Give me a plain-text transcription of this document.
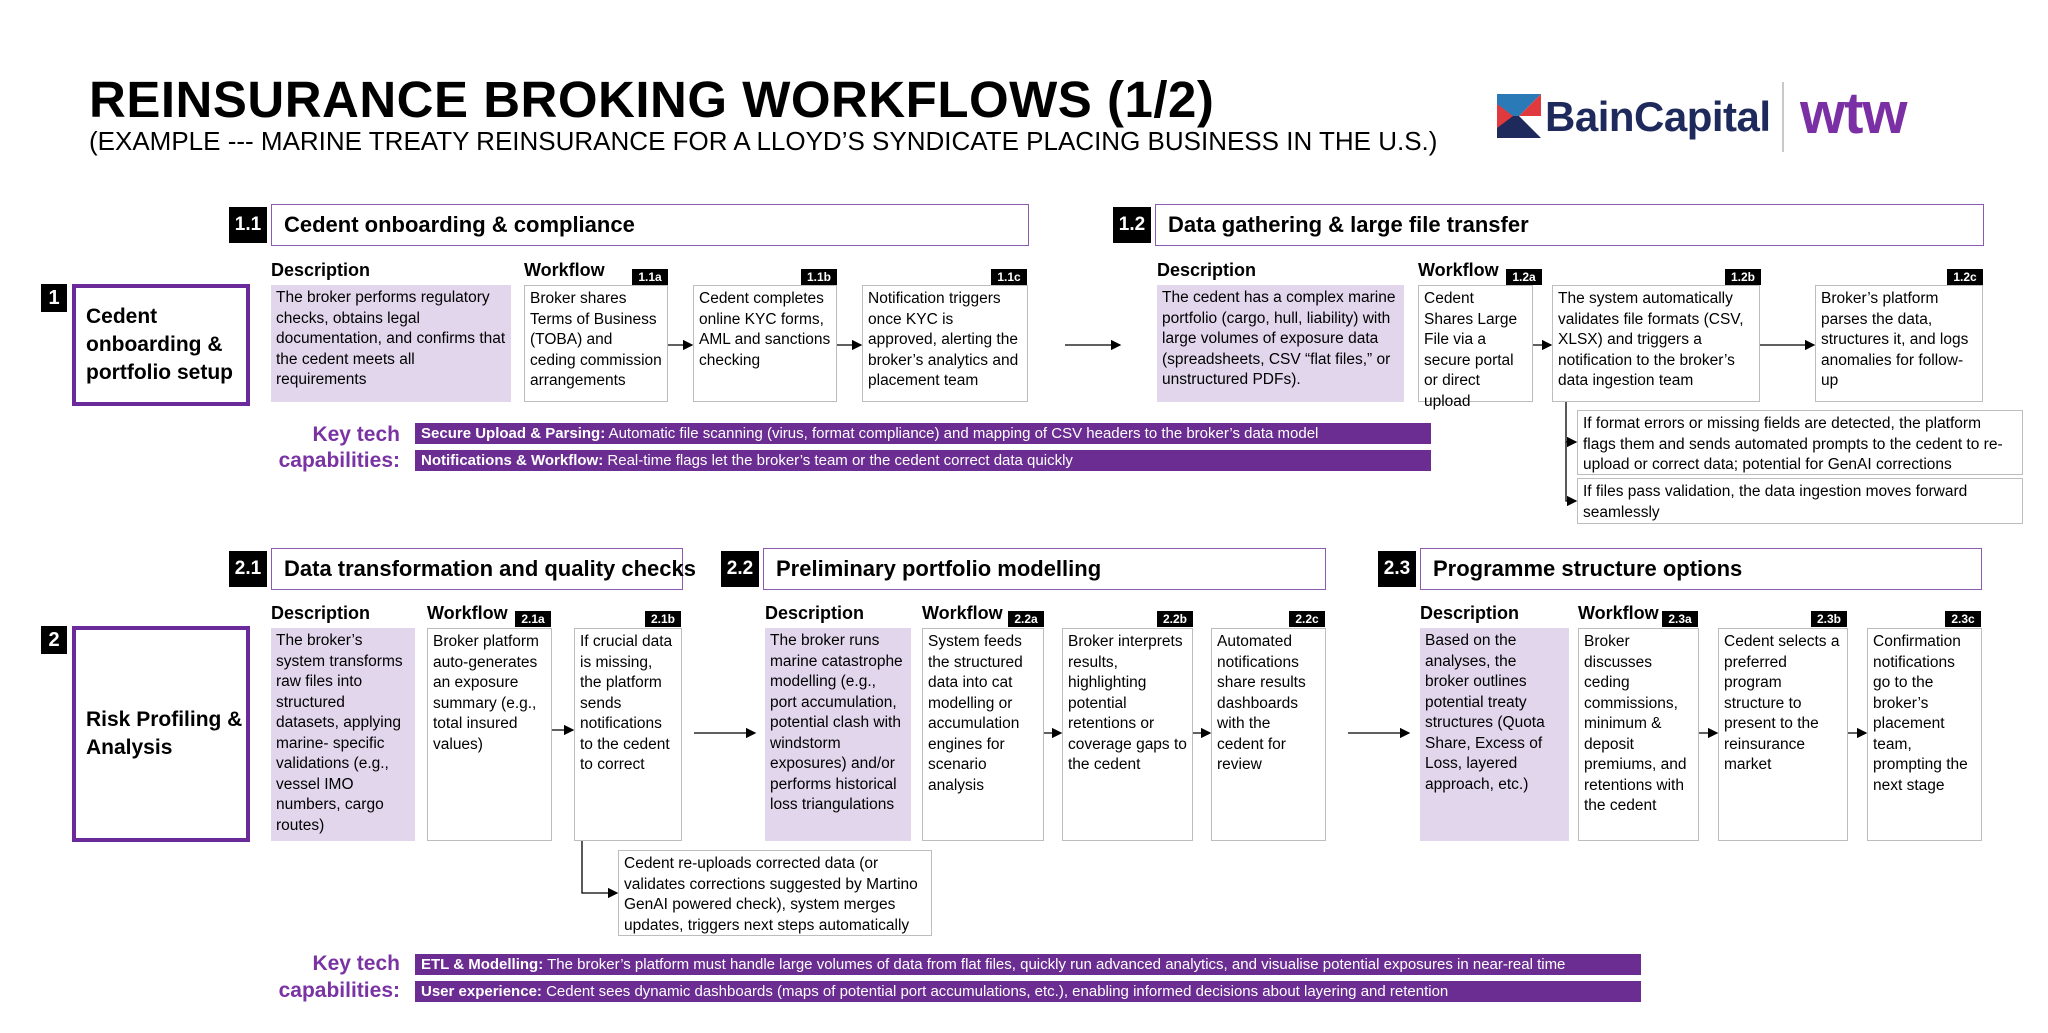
REINSURANCE BROKING WORKFLOWS (1/2)
(EXAMPLE --- MARINE TREATY REINSURANCE FOR A LLOYD’S SYNDICATE PLACING BUSINESS IN THE U.S.)
BainCapital wtw
1
Cedent onboarding & portfolio setup
1.1	Cedent onboarding & compliance
Description	Workflow
The broker performs regulatory checks, obtains legal documentation, and confirms that the cedent meets all requirements
1.1a
Broker shares Terms of Business (TOBA) and ceding commission arrangements
1.1b
Cedent completes online KYC forms, AML and sanctions checking
1.1c
Notification triggers once KYC is approved, alerting the broker’s analytics and placement team
1.2	Data gathering & large file transfer
Description	Workflow
The cedent has a complex marine portfolio (cargo, hull, liability) with large volumes of exposure data (spreadsheets, CSV “flat files,” or unstructured PDFs).
1.2a
Cedent Shares Large File via a secure portal or direct upload
1.2b
The system automatically validates file formats (CSV, XLSX) and triggers a notification to the broker’s data ingestion team
1.2c
Broker’s platform parses the data, structures it, and logs anomalies for follow-up
If format errors or missing fields are detected, the platform flags them and sends automated prompts to the cedent to re-upload or correct data; potential for GenAI corrections
If files pass validation, the data ingestion moves forward seamlessly
Key tech
capabilities:
Secure Upload & Parsing: Automatic file scanning (virus, format compliance) and mapping of CSV headers to the broker’s data model
Notifications & Workflow: Real-time flags let the broker’s team or the cedent correct data quickly
2
Risk Profiling & Analysis
2.1	Data transformation and quality checks
Description	Workflow
The broker’s system transforms raw files into structured datasets, applying marine- specific validations (e.g., vessel IMO numbers, cargo routes)
2.1a
Broker platform auto-generates an exposure summary (e.g., total insured values)
2.1b
If crucial data is missing, the platform sends notifications to the cedent to correct
Cedent re-uploads corrected data (or validates corrections suggested by Martino GenAI powered check), system merges updates, triggers next steps automatically
2.2	Preliminary portfolio modelling
Description	Workflow
The broker runs marine catastrophe modelling (e.g., port accumulation, potential clash with windstorm exposures) and/or performs historical loss triangulations
2.2a
System feeds the structured data into cat modelling or accumulation engines for scenario analysis
2.2b
Broker interprets results, highlighting potential retentions or coverage gaps to the cedent
2.2c
Automated notifications share results dashboards with the cedent for review
2.3	Programme structure options
Description	Workflow
Based on the analyses, the broker outlines potential treaty structures (Quota Share, Excess of Loss, layered approach, etc.)
2.3a
Broker discusses ceding commissions, minimum & deposit premiums, and retentions with the cedent
2.3b
Cedent selects a preferred program structure to present to the reinsurance market
2.3c
Confirmation notifications go to the broker’s placement team, prompting the next stage
Key tech
capabilities:
ETL & Modelling: The broker’s platform must handle large volumes of data from flat files, quickly run advanced analytics, and visualise potential exposures in near-real time
User experience: Cedent sees dynamic dashboards (maps of potential port accumulations, etc.), enabling informed decisions about layering and retention
